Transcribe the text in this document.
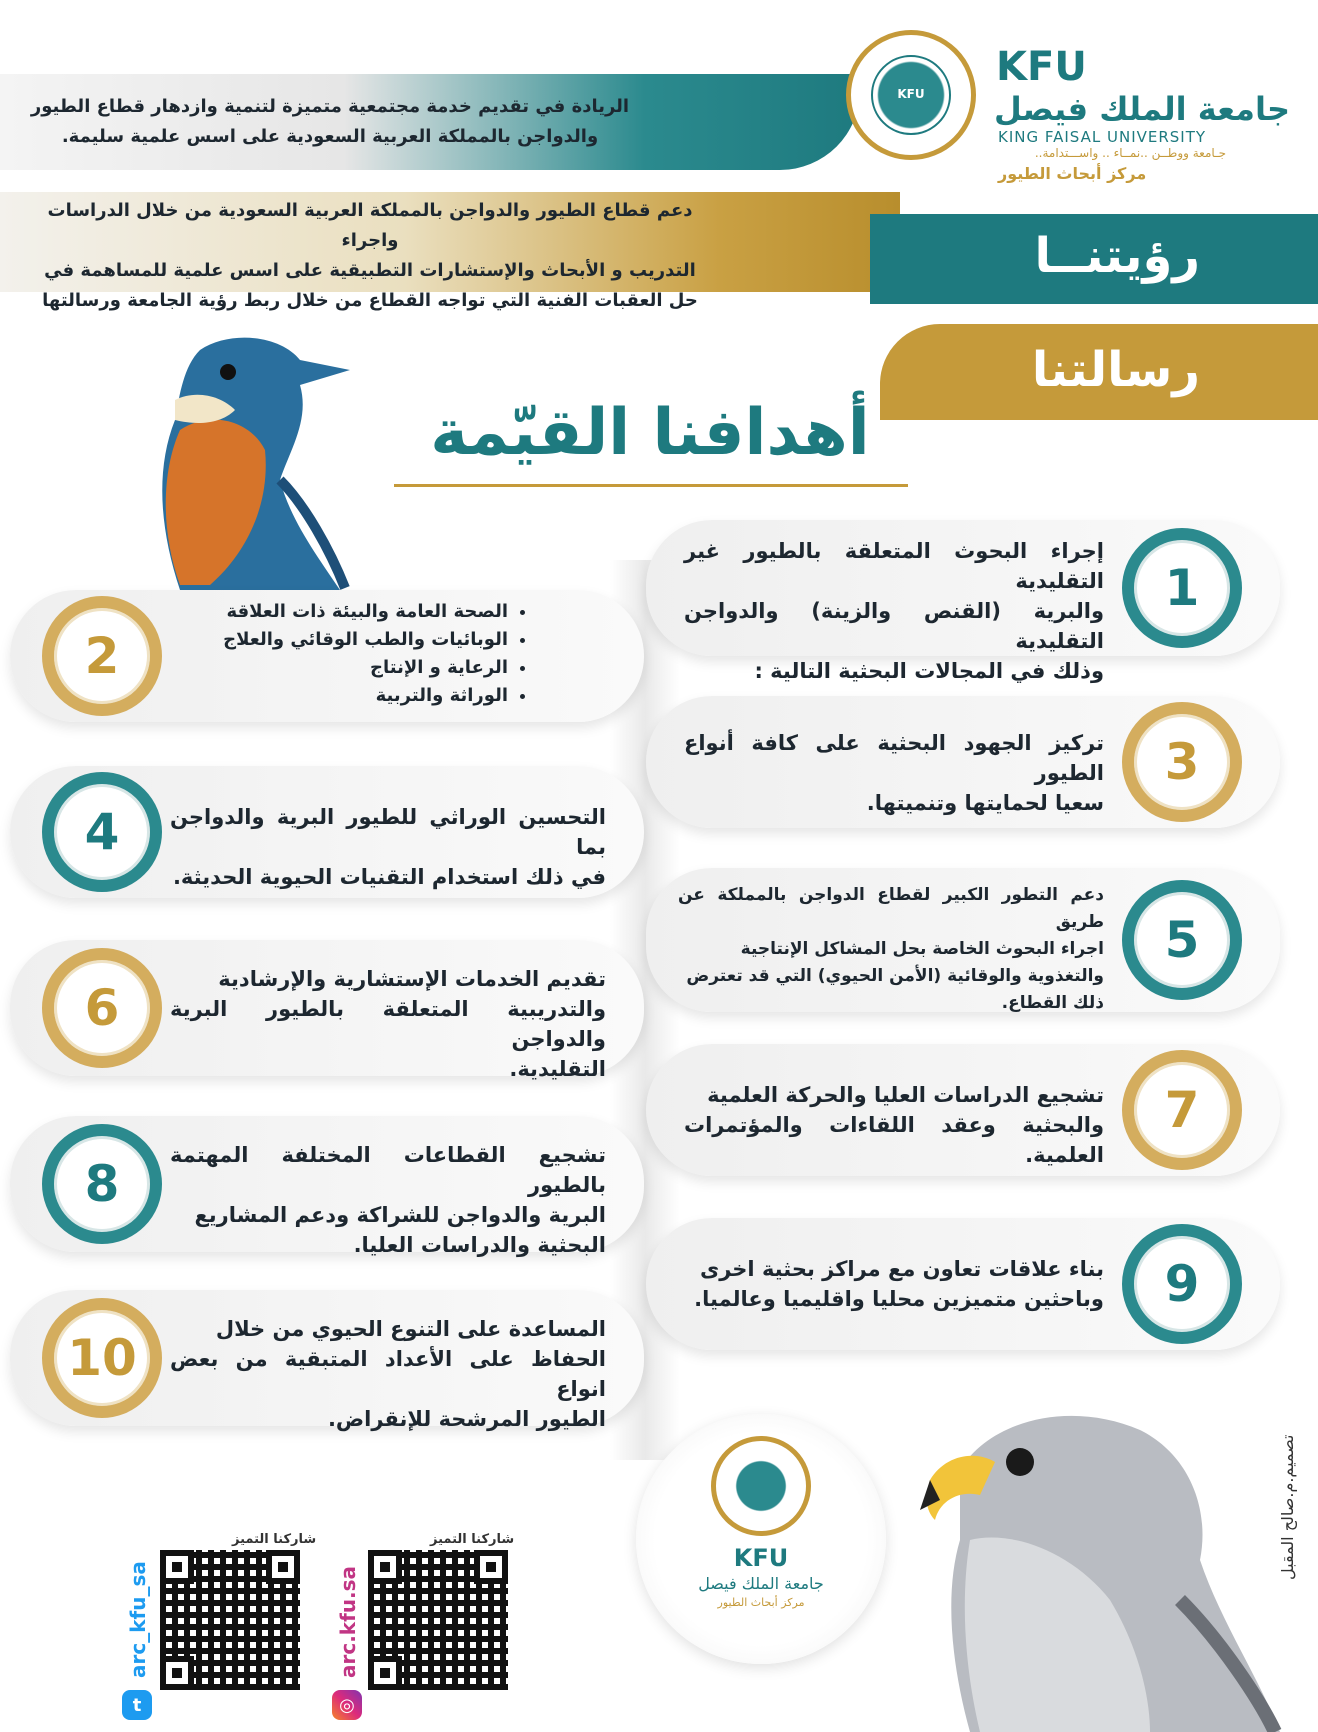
الريادة في تقديم خدمة مجتمعية متميزة لتنمية وازدهار قطاع الطيور
والدواجن بالمملكة العربية السعودية على اسس علمية سليمة.
دعم قطاع الطيور والدواجن بالمملكة العربية السعودية من خلال الدراسات واجراء
التدريب و الأبحاث والإستشارات التطبيقية على اسس علمية للمساهمة في
حل العقبات الفنية التي تواجه القطاع من خلال ربط رؤية الجامعة ورسالتها
رؤيتنــا
رسالتنا
KFU
KFU
جامعة الملك فيصل
KING FAISAL UNIVERSITY
جـامعة ووطــن ..نمــاء .. واســـتدامة..
مركز أبحاث الطيور
أهدافنا القيّمة
1
إجراء البحوث المتعلقة بالطيور غير التقليدية
والبرية (القنص والزينة) والدواجن التقليدية
وذلك في المجالات البحثية التالية :
2
• الصحة العامة والبيئة ذات العلاقة
• الوبائيات والطب الوقائي والعلاج
• الرعاية و الإنتاج
• الوراثة والتربية
3
تركيز الجهود البحثية على كافة أنواع الطيور
سعيا لحمايتها وتنميتها.
4	التحسين الوراثي للطيور البرية والدواجن بما
في ذلك استخدام التقنيات الحيوية الحديثة.
5
دعم التطور الكبير لقطاع الدواجن بالمملكة عن طريق
اجراء البحوث الخاصة بحل المشاكل الإنتاجية
والتغذوية والوقائية (الأمن الحيوي) التي قد تعترض
ذلك القطاع.
6	تقديم الخدمات الإستشارية والإرشادية
والتدريبية المتعلقة بالطيور البرية والدواجن
التقليدية.
7
تشجيع الدراسات العليا والحركة العلمية
والبحثية وعقد اللقاءات والمؤتمرات العلمية.
8	تشجيع القطاعات المختلفة المهتمة بالطيور
البرية والدواجن للشراكة ودعم المشاريع
البحثية والدراسات العليا.
9
بناء علاقات تعاون مع مراكز بحثية اخرى
وباحثين متميزين محليا واقليميا وعالميا.
10	المساعدة على التنوع الحيوي من خلال
الحفاظ على الأعداد المتبقية من بعض انواع
الطيور المرشحة للإنقراض.
KFU
جامعة الملك فيصل
مركز أبحاث الطيور
تصميم.م.صالح المقبل
شاركنا التميز
arc_kfu_sa
t
شاركنا التميز
arc.kfu.sa
◎
